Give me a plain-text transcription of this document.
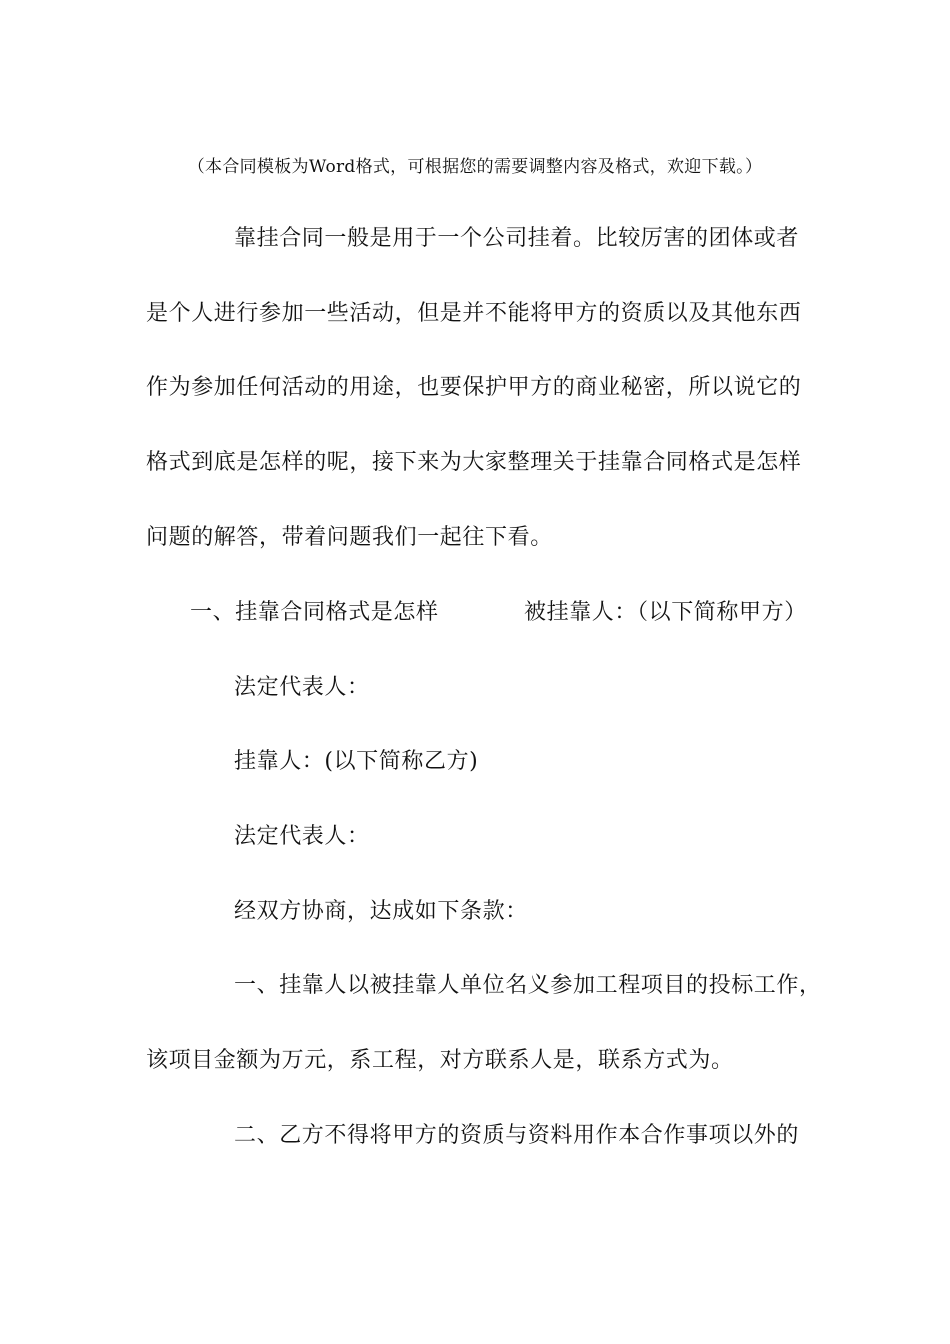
（本合同模板为Word格式，可根据您的需要调整内容及格式，欢迎下载。）
靠挂合同一般是用于一个公司挂着。比较厉害的团体或者
是个人进行参加一些活动，但是并不能将甲方的资质以及其他东西
作为参加任何活动的用途，也要保护甲方的商业秘密，所以说它的
格式到底是怎样的呢，接下来为大家整理关于挂靠合同格式是怎样
问题的解答，带着问题我们一起往下看。
一、挂靠合同格式是怎样	被挂靠人：（以下简称甲方）
法定代表人：
挂靠人：(以下简称乙方)
法定代表人：
经双方协商，达成如下条款：
一、挂靠人以被挂靠人单位名义参加工程项目的投标工作，
该项目金额为万元，系工程，对方联系人是，联系方式为。
二、乙方不得将甲方的资质与资料用作本合作事项以外的
